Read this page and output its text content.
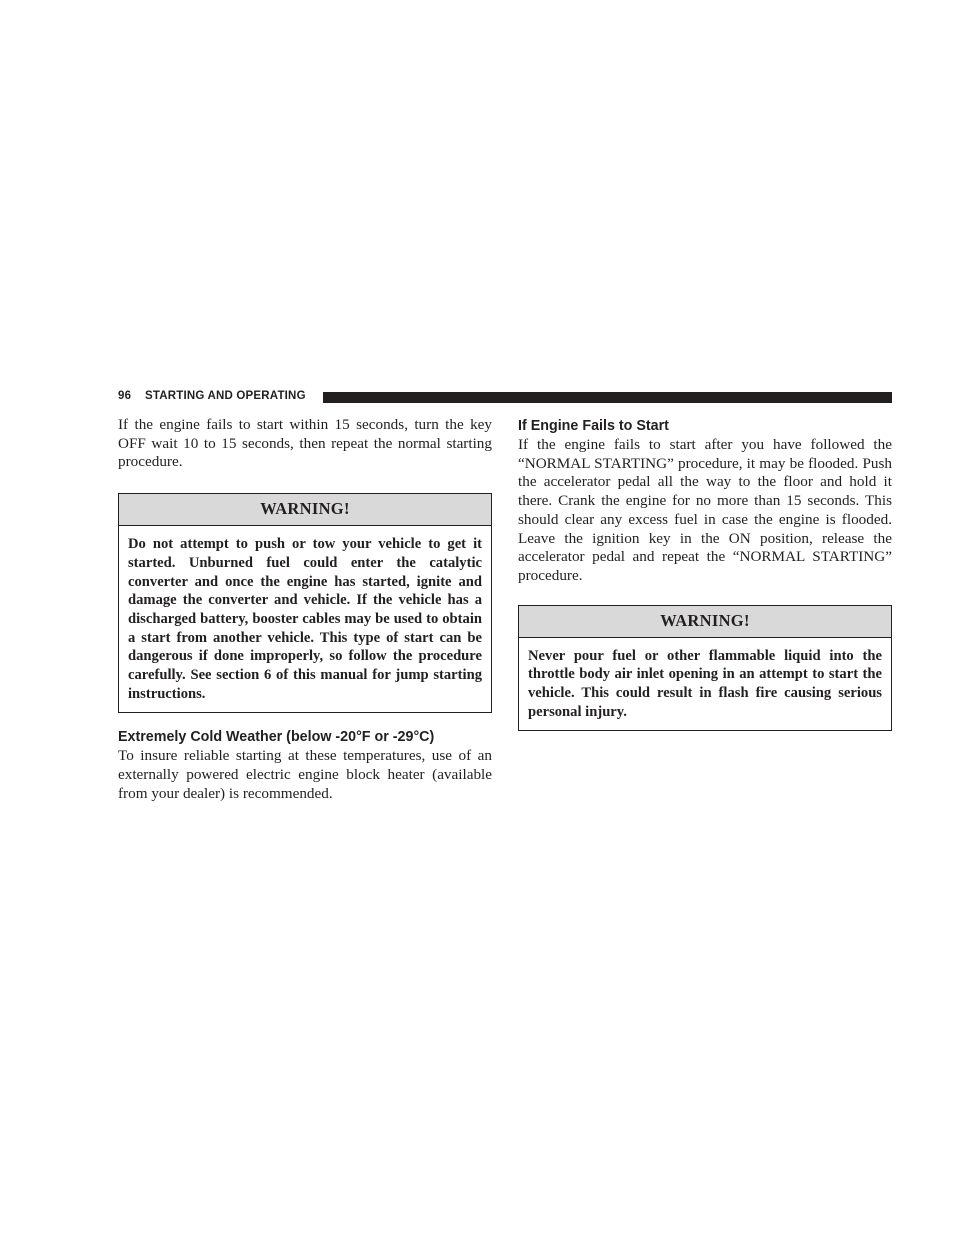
96 STARTING AND OPERATING

If the engine fails to start within 15 seconds, turn the key OFF wait 10 to 15 seconds, then repeat the normal starting procedure.

WARNING!
Do not attempt to push or tow your vehicle to get it started. Unburned fuel could enter the catalytic converter and once the engine has started, ignite and damage the converter and vehicle. If the vehicle has a discharged battery, booster cables may be used to obtain a start from another vehicle. This type of start can be dangerous if done improperly, so follow the procedure carefully. See section 6 of this manual for jump starting instructions.
Extremely Cold Weather (below -20°F or -29°C)

To insure reliable starting at these temperatures, use of an externally powered electric engine block heater (available from your dealer) is recommended.

If Engine Fails to Start

If the engine fails to start after you have followed the “NORMAL STARTING” procedure, it may be flooded. Push the accelerator pedal all the way to the floor and hold it there. Crank the engine for no more than 15 seconds. This should clear any excess fuel in case the engine is flooded. Leave the ignition key in the ON position, release the accelerator pedal and repeat the “NORMAL STARTING” procedure.

WARNING!
Never pour fuel or other flammable liquid into the throttle body air inlet opening in an attempt to start the vehicle. This could result in flash fire causing serious personal injury.
